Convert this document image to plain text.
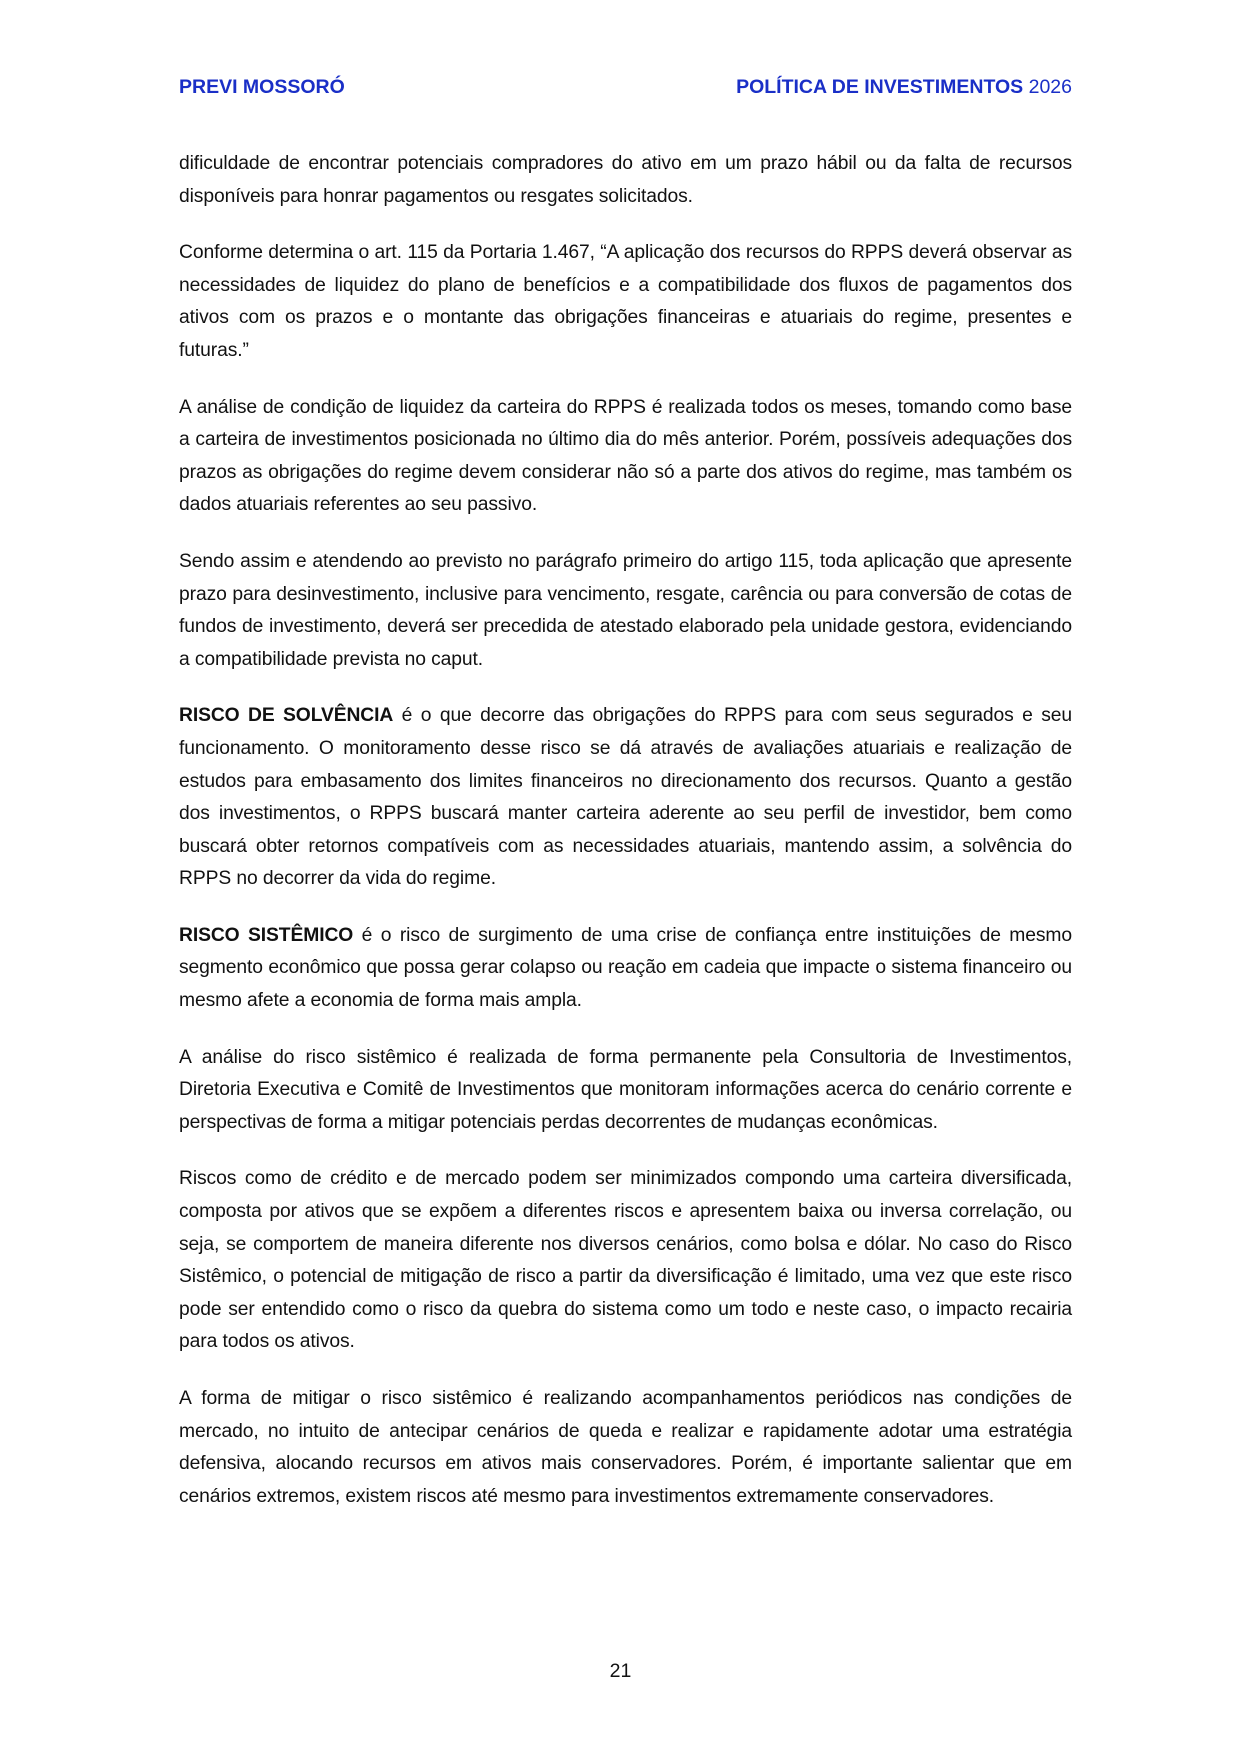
PREVI MOSSORÓ	POLÍTICA DE INVESTIMENTOS 2026

dificuldade de encontrar potenciais compradores do ativo em um prazo hábil ou da falta de recursos disponíveis para honrar pagamentos ou resgates solicitados.

Conforme determina o art. 115 da Portaria 1.467, “A aplicação dos recursos do RPPS deverá observar as necessidades de liquidez do plano de benefícios e a compatibilidade dos fluxos de pagamentos dos ativos com os prazos e o montante das obrigações financeiras e atuariais do regime, presentes e futuras.”

A análise de condição de liquidez da carteira do RPPS é realizada todos os meses, tomando como base a carteira de investimentos posicionada no último dia do mês anterior. Porém, possíveis adequações dos prazos as obrigações do regime devem considerar não só a parte dos ativos do regime, mas também os dados atuariais referentes ao seu passivo.

Sendo assim e atendendo ao previsto no parágrafo primeiro do artigo 115, toda aplicação que apresente prazo para desinvestimento, inclusive para vencimento, resgate, carência ou para conversão de cotas de fundos de investimento, deverá ser precedida de atestado elaborado pela unidade gestora, evidenciando a compatibilidade prevista no caput.

RISCO DE SOLVÊNCIA é o que decorre das obrigações do RPPS para com seus segurados e seu funcionamento. O monitoramento desse risco se dá através de avaliações atuariais e realização de estudos para embasamento dos limites financeiros no direcionamento dos recursos. Quanto a gestão dos investimentos, o RPPS buscará manter carteira aderente ao seu perfil de investidor, bem como buscará obter retornos compatíveis com as necessidades atuariais, mantendo assim, a solvência do RPPS no decorrer da vida do regime.

RISCO SISTÊMICO é o risco de surgimento de uma crise de confiança entre instituições de mesmo segmento econômico que possa gerar colapso ou reação em cadeia que impacte o sistema financeiro ou mesmo afete a economia de forma mais ampla.

A análise do risco sistêmico é realizada de forma permanente pela Consultoria de Investimentos, Diretoria Executiva e Comitê de Investimentos que monitoram informações acerca do cenário corrente e perspectivas de forma a mitigar potenciais perdas decorrentes de mudanças econômicas.

Riscos como de crédito e de mercado podem ser minimizados compondo uma carteira diversificada, composta por ativos que se expõem a diferentes riscos e apresentem baixa ou inversa correlação, ou seja, se comportem de maneira diferente nos diversos cenários, como bolsa e dólar. No caso do Risco Sistêmico, o potencial de mitigação de risco a partir da diversificação é limitado, uma vez que este risco pode ser entendido como o risco da quebra do sistema como um todo e neste caso, o impacto recairia para todos os ativos.

A forma de mitigar o risco sistêmico é realizando acompanhamentos periódicos nas condições de mercado, no intuito de antecipar cenários de queda e realizar e rapidamente adotar uma estratégia defensiva, alocando recursos em ativos mais conservadores. Porém, é importante salientar que em cenários extremos, existem riscos até mesmo para investimentos extremamente conservadores.

21
